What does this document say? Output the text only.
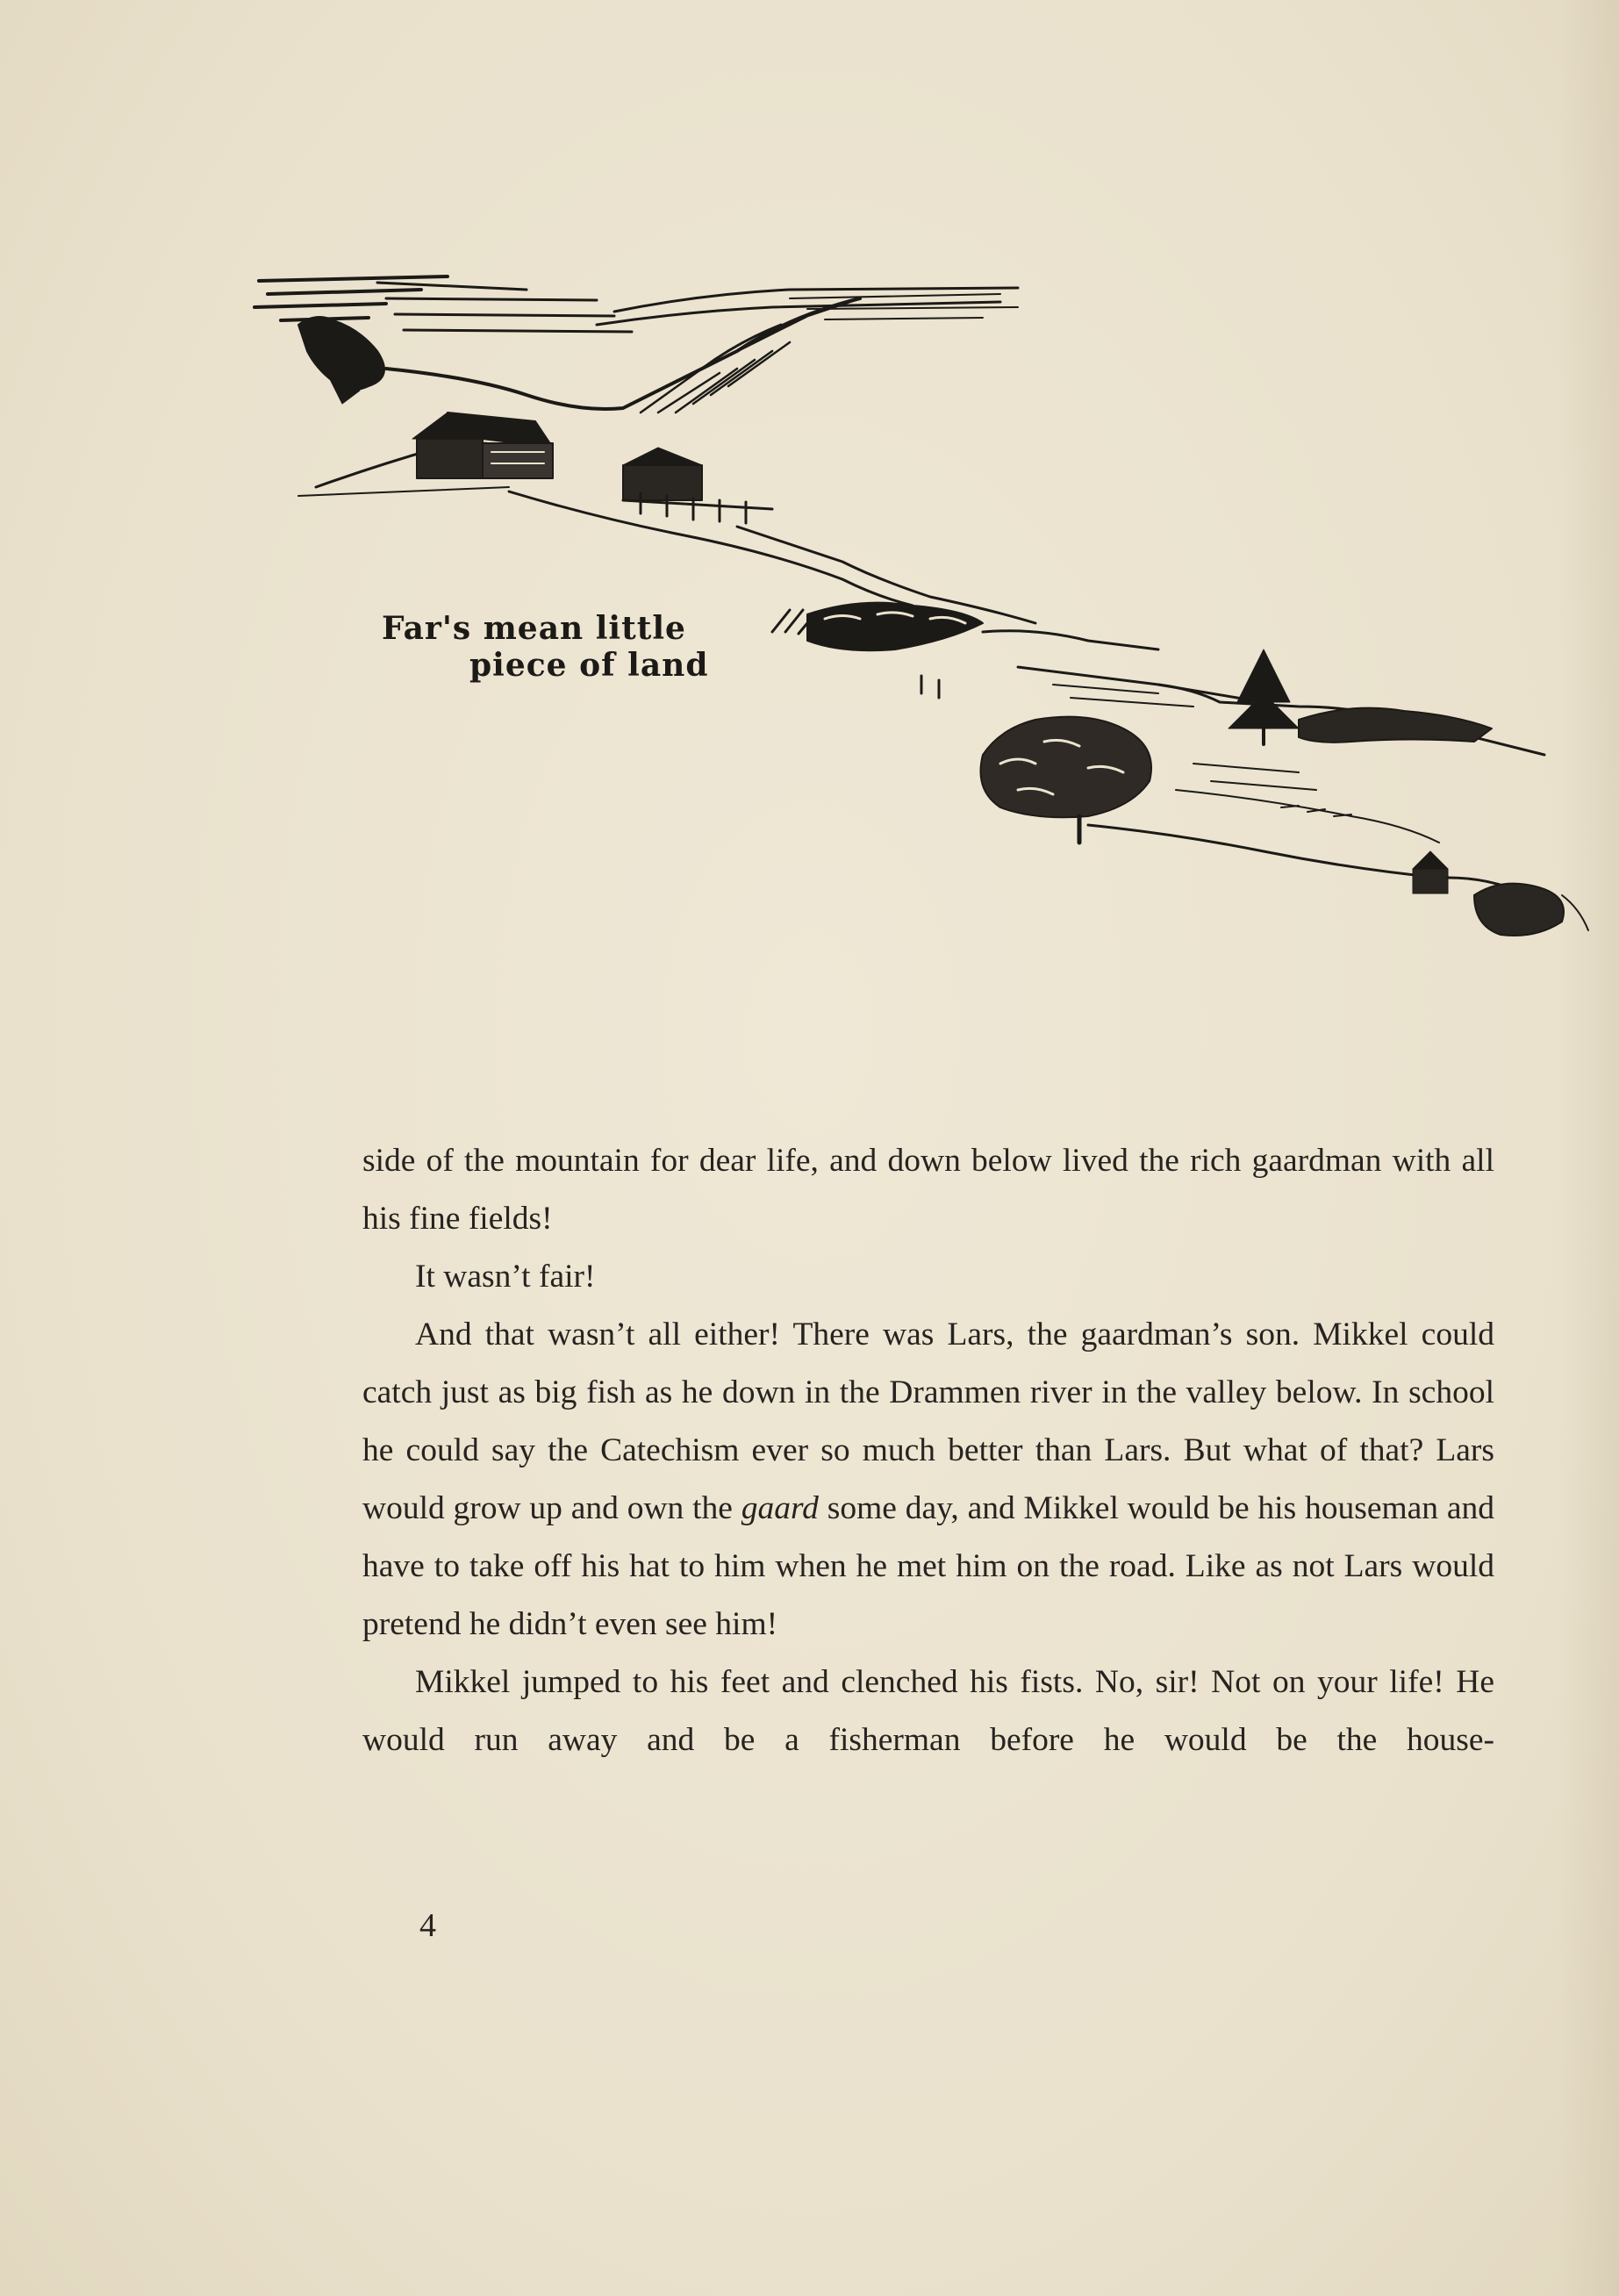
Far's mean little
piece of land

side of the mountain for dear life, and down below lived the rich gaardman with all his fine fields!

It wasn’t fair!

And that wasn’t all either! There was Lars, the gaardman’s son. Mikkel could catch just as big fish as he down in the Drammen river in the valley below. In school he could say the Catechism ever so much better than Lars. But what of that? Lars would grow up and own the gaard some day, and Mikkel would be his houseman and have to take off his hat to him when he met him on the road. Like as not Lars would pretend he didn’t even see him!

Mikkel jumped to his feet and clenched his fists. No, sir! Not on your life! He would run away and be a fisherman before he would be the house-

4
